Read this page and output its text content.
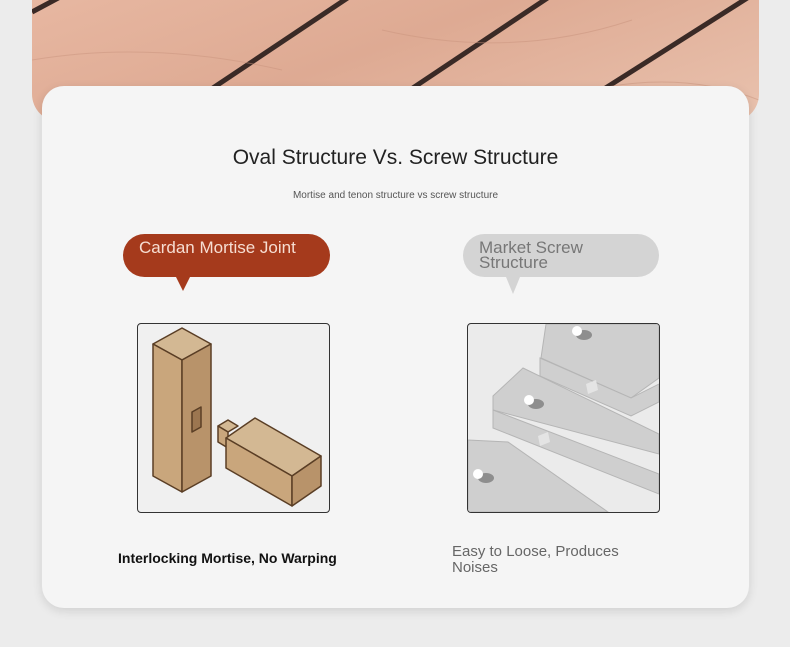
Oval Structure Vs. Screw Structure
Mortise and tenon structure vs screw structure
Cardan Mortise Joint	Market Screw Structure
Interlocking Mortise, No Warping	Easy to Loose, Produces Noises
